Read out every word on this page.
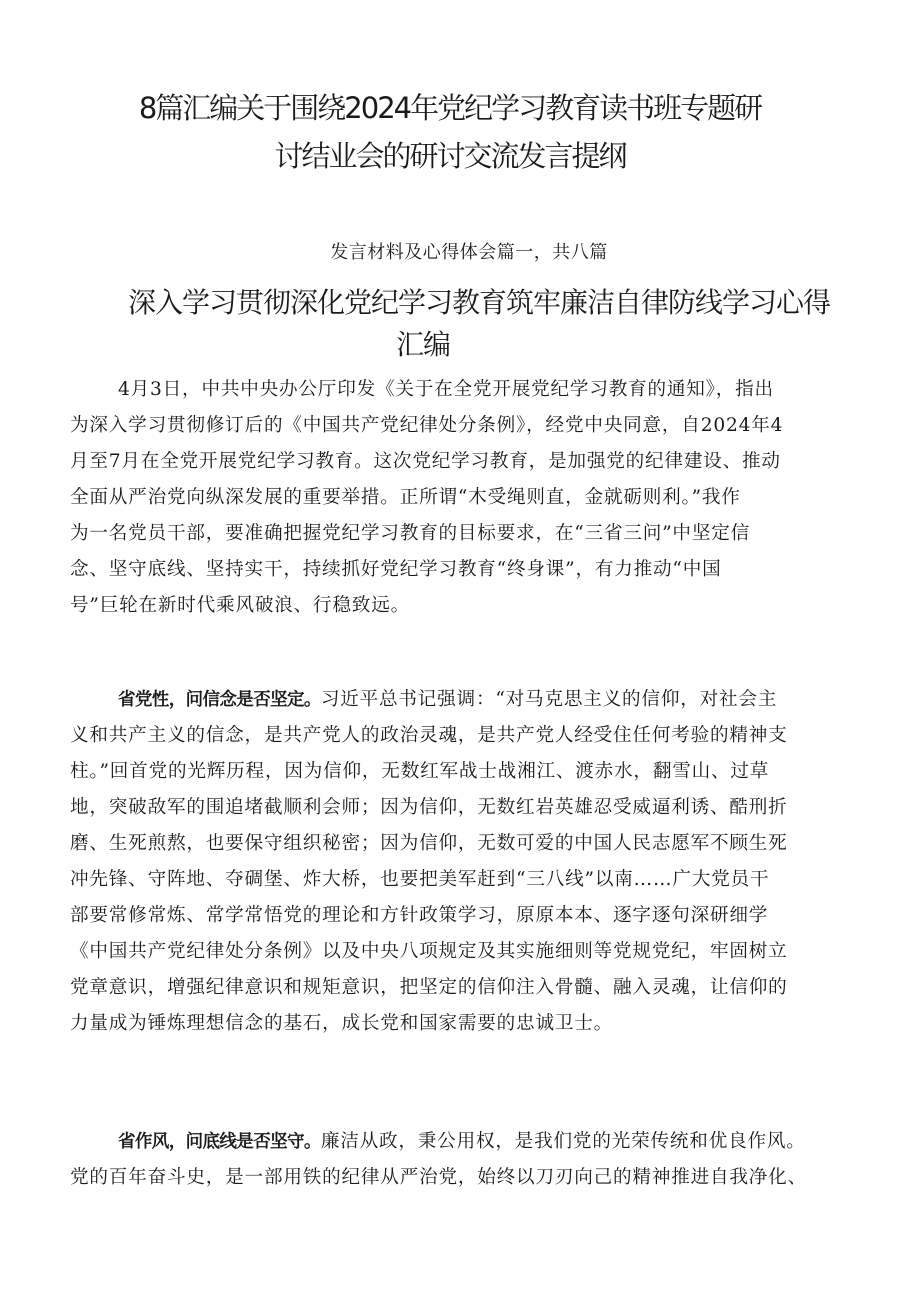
8篇汇编关于围绕2024年党纪学习教育读书班专题研
讨结业会的研讨交流发言提纲

发言材料及心得体会篇一，共八篇

深入学习贯彻深化党纪学习教育筑牢廉洁自律防线学习心得
汇编

4月3日，中共中央办公厅印发《关于在全党开展党纪学习教育的通知》，指出
为深入学习贯彻修订后的《中国共产党纪律处分条例》，经党中央同意，自2024年4
月至7月在全党开展党纪学习教育。这次党纪学习教育，是加强党的纪律建设、推动
全面从严治党向纵深发展的重要举措。正所谓“木受绳则直，金就砺则利。”我作
为一名党员干部，要准确把握党纪学习教育的目标要求，在“三省三问”中坚定信
念、坚守底线、坚持实干，持续抓好党纪学习教育“终身课”，有力推动“中国
号”巨轮在新时代乘风破浪、行稳致远。

省党性，问信念是否坚定。习近平总书记强调：“对马克思主义的信仰，对社会主
义和共产主义的信念，是共产党人的政治灵魂，是共产党人经受住任何考验的精神支
柱。”回首党的光辉历程，因为信仰，无数红军战士战湘江、渡赤水，翻雪山、过草
地，突破敌军的围追堵截顺利会师；因为信仰，无数红岩英雄忍受威逼利诱、酷刑折
磨、生死煎熬，也要保守组织秘密；因为信仰，无数可爱的中国人民志愿军不顾生死
冲先锋、守阵地、夺碉堡、炸大桥，也要把美军赶到“三八线”以南……广大党员干
部要常修常炼、常学常悟党的理论和方针政策学习，原原本本、逐字逐句深研细学
《中国共产党纪律处分条例》以及中央八项规定及其实施细则等党规党纪，牢固树立
党章意识，增强纪律意识和规矩意识，把坚定的信仰注入骨髓、融入灵魂，让信仰的
力量成为锤炼理想信念的基石，成长党和国家需要的忠诚卫士。

省作风，问底线是否坚守。廉洁从政，秉公用权，是我们党的光荣传统和优良作风。
党的百年奋斗史，是一部用铁的纪律从严治党，始终以刀刃向己的精神推进自我净化、
